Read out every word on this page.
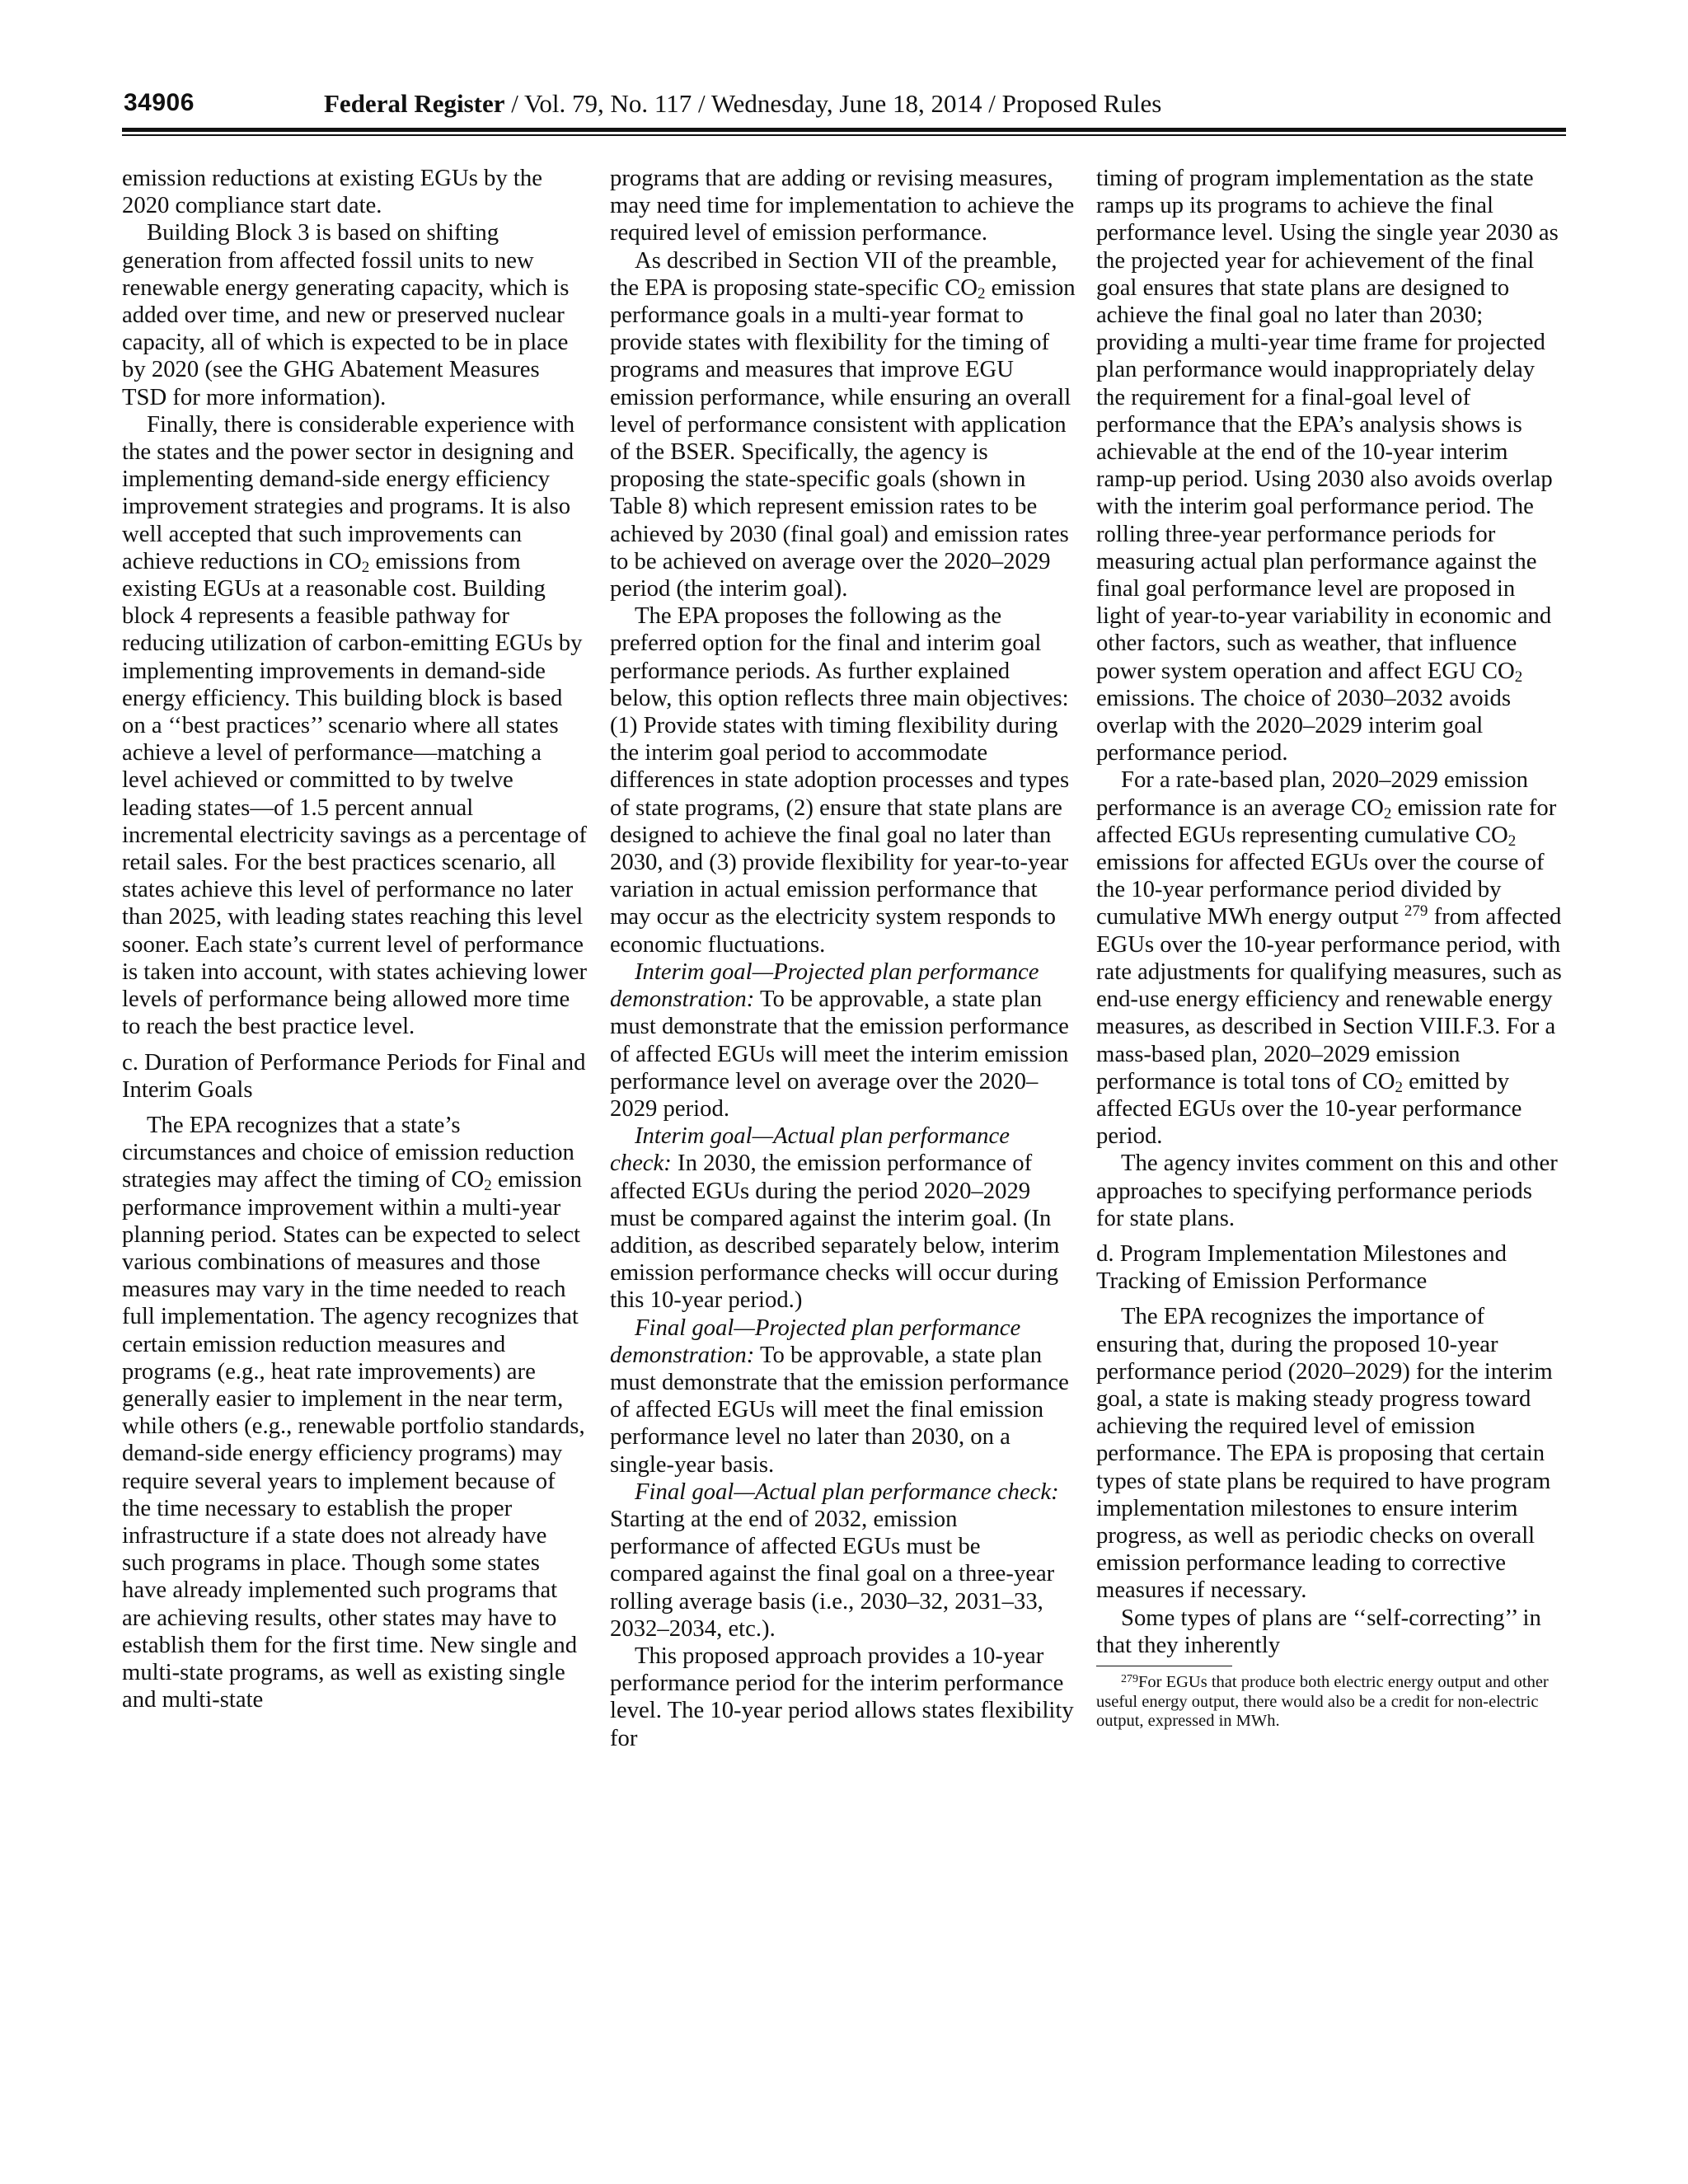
34906	Federal Register / Vol. 79, No. 117 / Wednesday, June 18, 2014 / Proposed Rules

emission reductions at existing EGUs by the 2020 compliance start date.

Building Block 3 is based on shifting generation from affected fossil units to new renewable energy generating capacity, which is added over time, and new or preserved nuclear capacity, all of which is expected to be in place by 2020 (see the GHG Abatement Measures TSD for more information).

Finally, there is considerable experience with the states and the power sector in designing and implementing demand-side energy efficiency improvement strategies and programs. It is also well accepted that such improvements can achieve reductions in $CO_2$ emissions from existing EGUs at a reasonable cost. Building block 4 represents a feasible pathway for reducing utilization of carbon-emitting EGUs by implementing improvements in demand-side energy efficiency. This building block is based on a ‘‘best practices’’ scenario where all states achieve a level of performance—matching a level achieved or committed to by twelve leading states—of 1.5 percent annual incremental electricity savings as a percentage of retail sales. For the best practices scenario, all states achieve this level of performance no later than 2025, with leading states reaching this level sooner. Each state’s current level of performance is taken into account, with states achieving lower levels of performance being allowed more time to reach the best practice level.

c. Duration of Performance Periods for Final and Interim Goals

The EPA recognizes that a state’s circumstances and choice of emission reduction strategies may affect the timing of $CO_2$ emission performance improvement within a multi-year planning period. States can be expected to select various combinations of measures and those measures may vary in the time needed to reach full implementation. The agency recognizes that certain emission reduction measures and programs (e.g., heat rate improvements) are generally easier to implement in the near term, while others (e.g., renewable portfolio standards, demand-side energy efficiency programs) may require several years to implement because of the time necessary to establish the proper infrastructure if a state does not already have such programs in place. Though some states have already implemented such programs that are achieving results, other states may have to establish them for the first time. New single and multi-state programs, as well as existing single and multi-state

programs that are adding or revising measures, may need time for implementation to achieve the required level of emission performance.

As described in Section VII of the preamble, the EPA is proposing state-specific $CO_2$ emission performance goals in a multi-year format to provide states with flexibility for the timing of programs and measures that improve EGU emission performance, while ensuring an overall level of performance consistent with application of the BSER. Specifically, the agency is proposing the state-specific goals (shown in Table 8) which represent emission rates to be achieved by 2030 (final goal) and emission rates to be achieved on average over the 2020–2029 period (the interim goal).

The EPA proposes the following as the preferred option for the final and interim goal performance periods. As further explained below, this option reflects three main objectives: (1) Provide states with timing flexibility during the interim goal period to accommodate differences in state adoption processes and types of state programs, (2) ensure that state plans are designed to achieve the final goal no later than 2030, and (3) provide flexibility for year-to-year variation in actual emission performance that may occur as the electricity system responds to economic fluctuations.

Interim goal—Projected plan performance demonstration: To be approvable, a state plan must demonstrate that the emission performance of affected EGUs will meet the interim emission performance level on average over the 2020–2029 period.

Interim goal—Actual plan performance check: In 2030, the emission performance of affected EGUs during the period 2020–2029 must be compared against the interim goal. (In addition, as described separately below, interim emission performance checks will occur during this 10-year period.)

Final goal—Projected plan performance demonstration: To be approvable, a state plan must demonstrate that the emission performance of affected EGUs will meet the final emission performance level no later than 2030, on a single-year basis.

Final goal—Actual plan performance check: Starting at the end of 2032, emission performance of affected EGUs must be compared against the final goal on a three-year rolling average basis (i.e., 2030–32, 2031–33, 2032–2034, etc.).

This proposed approach provides a 10-year performance period for the interim performance level. The 10-year period allows states flexibility for

timing of program implementation as the state ramps up its programs to achieve the final performance level. Using the single year 2030 as the projected year for achievement of the final goal ensures that state plans are designed to achieve the final goal no later than 2030; providing a multi-year time frame for projected plan performance would inappropriately delay the requirement for a final-goal level of performance that the EPA’s analysis shows is achievable at the end of the 10-year interim ramp-up period. Using 2030 also avoids overlap with the interim goal performance period. The rolling three-year performance periods for measuring actual plan performance against the final goal performance level are proposed in light of year-to-year variability in economic and other factors, such as weather, that influence power system operation and affect EGU $CO_2$ emissions. The choice of 2030–2032 avoids overlap with the 2020–2029 interim goal performance period.

For a rate-based plan, 2020–2029 emission performance is an average $CO_2$ emission rate for affected EGUs representing cumulative $CO_2$ emissions for affected EGUs over the course of the 10-year performance period divided by cumulative MWh energy output $^{279}$ from affected EGUs over the 10-year performance period, with rate adjustments for qualifying measures, such as end-use energy efficiency and renewable energy measures, as described in Section VIII.F.3. For a mass-based plan, 2020–2029 emission performance is total tons of $CO_2$ emitted by affected EGUs over the 10-year performance period.

The agency invites comment on this and other approaches to specifying performance periods for state plans.

d. Program Implementation Milestones and Tracking of Emission Performance

The EPA recognizes the importance of ensuring that, during the proposed 10-year performance period (2020–2029) for the interim goal, a state is making steady progress toward achieving the required level of emission performance. The EPA is proposing that certain types of state plans be required to have program implementation milestones to ensure interim progress, as well as periodic checks on overall emission performance leading to corrective measures if necessary.

Some types of plans are ‘‘self-correcting’’ in that they inherently

$^{279}$For EGUs that produce both electric energy output and other useful energy output, there would also be a credit for non-electric output, expressed in MWh.
